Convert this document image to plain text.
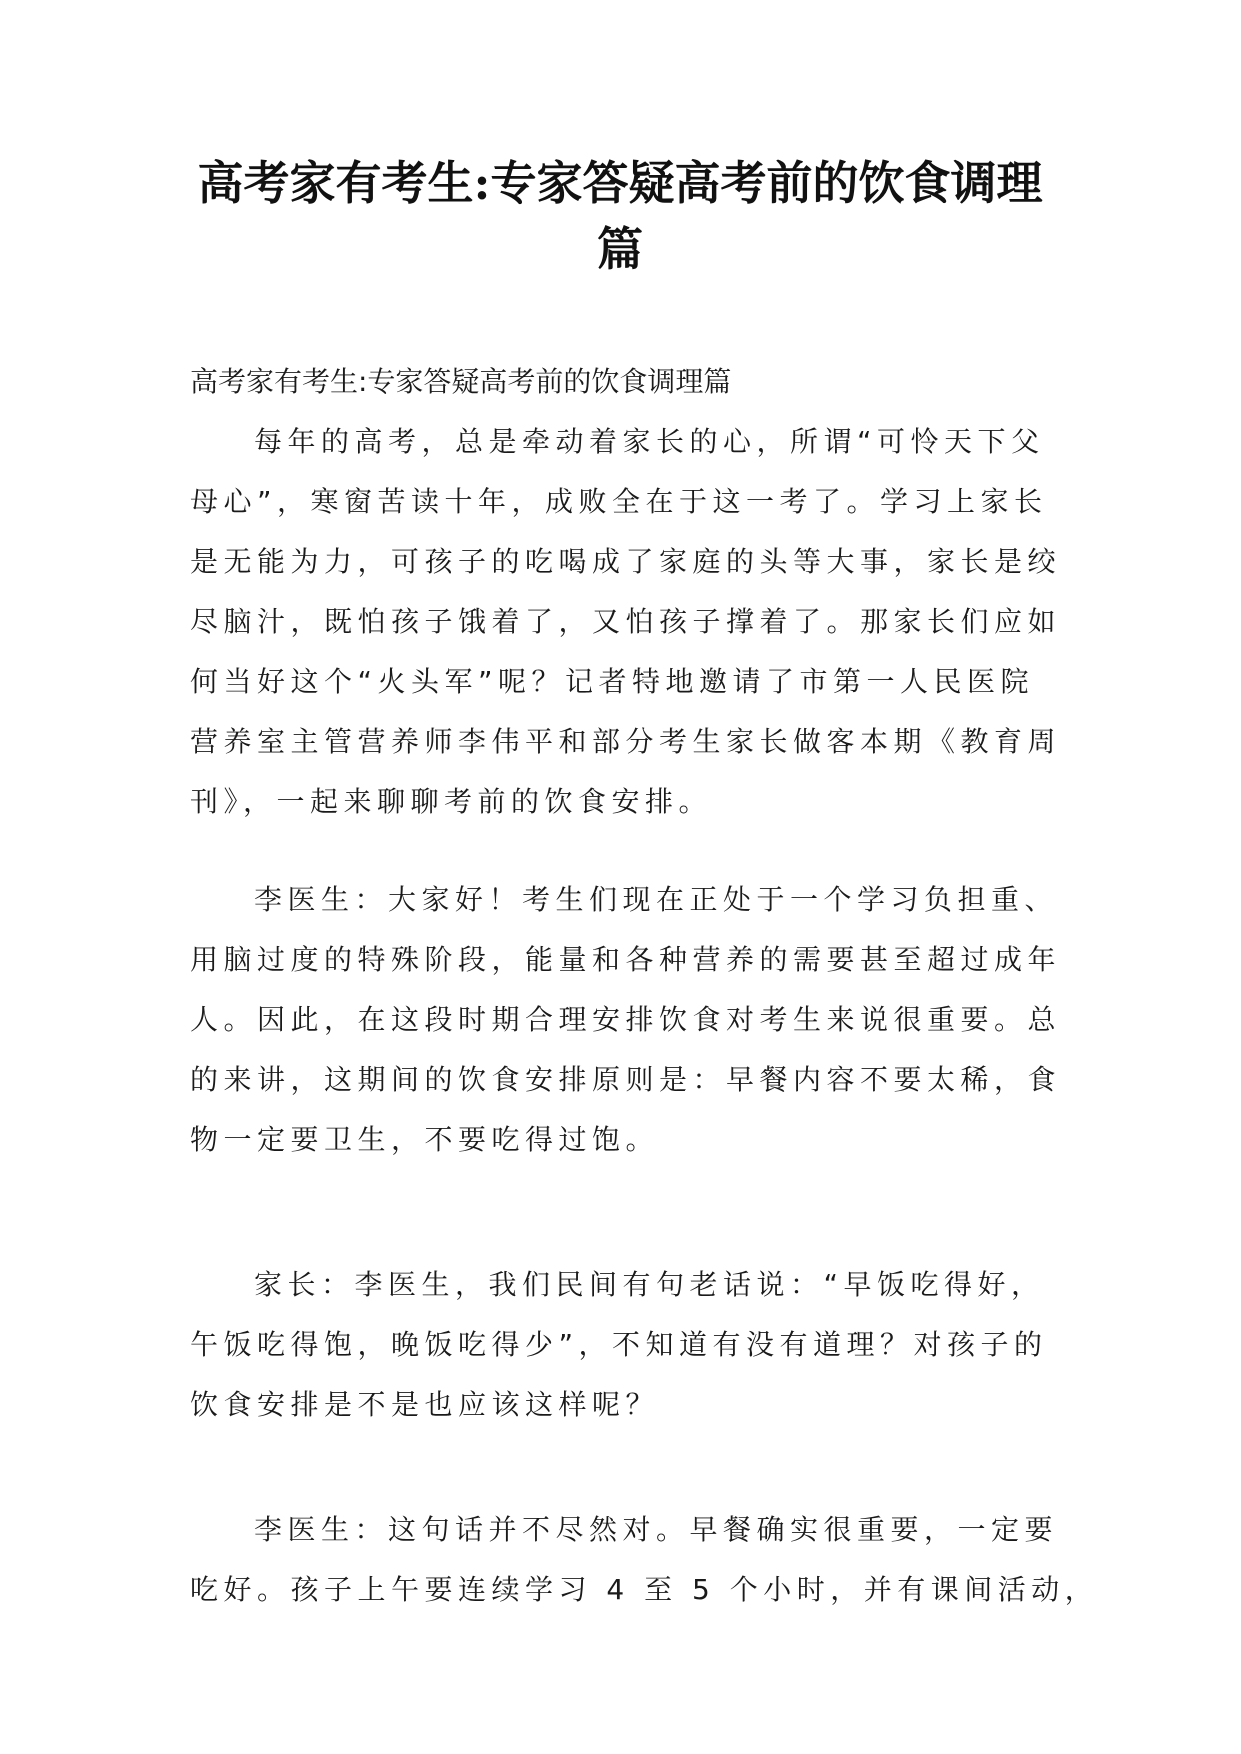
高考家有考生:专家答疑高考前的饮食调理
篇
高考家有考生:专家答疑高考前的饮食调理篇
每年的高考，总是牵动着家长的心，所谓“可怜天下父
母心”，寒窗苦读十年，成败全在于这一考了。学习上家长
是无能为力，可孩子的吃喝成了家庭的头等大事，家长是绞
尽脑汁，既怕孩子饿着了，又怕孩子撑着了。那家长们应如
何当好这个“火头军”呢？记者特地邀请了市第一人民医院
营养室主管营养师李伟平和部分考生家长做客本期《教育周
刊》，一起来聊聊考前的饮食安排。
李医生：大家好！考生们现在正处于一个学习负担重、
用脑过度的特殊阶段，能量和各种营养的需要甚至超过成年
人。因此，在这段时期合理安排饮食对考生来说很重要。总
的来讲，这期间的饮食安排原则是：早餐内容不要太稀，食
物一定要卫生，不要吃得过饱。
家长：李医生，我们民间有句老话说：“早饭吃得好，
午饭吃得饱，晚饭吃得少”，不知道有没有道理？对孩子的
饮食安排是不是也应该这样呢？
李医生：这句话并不尽然对。早餐确实很重要，一定要
吃好。孩子上午要连续学习 4 至 5 个小时，并有课间活动，
